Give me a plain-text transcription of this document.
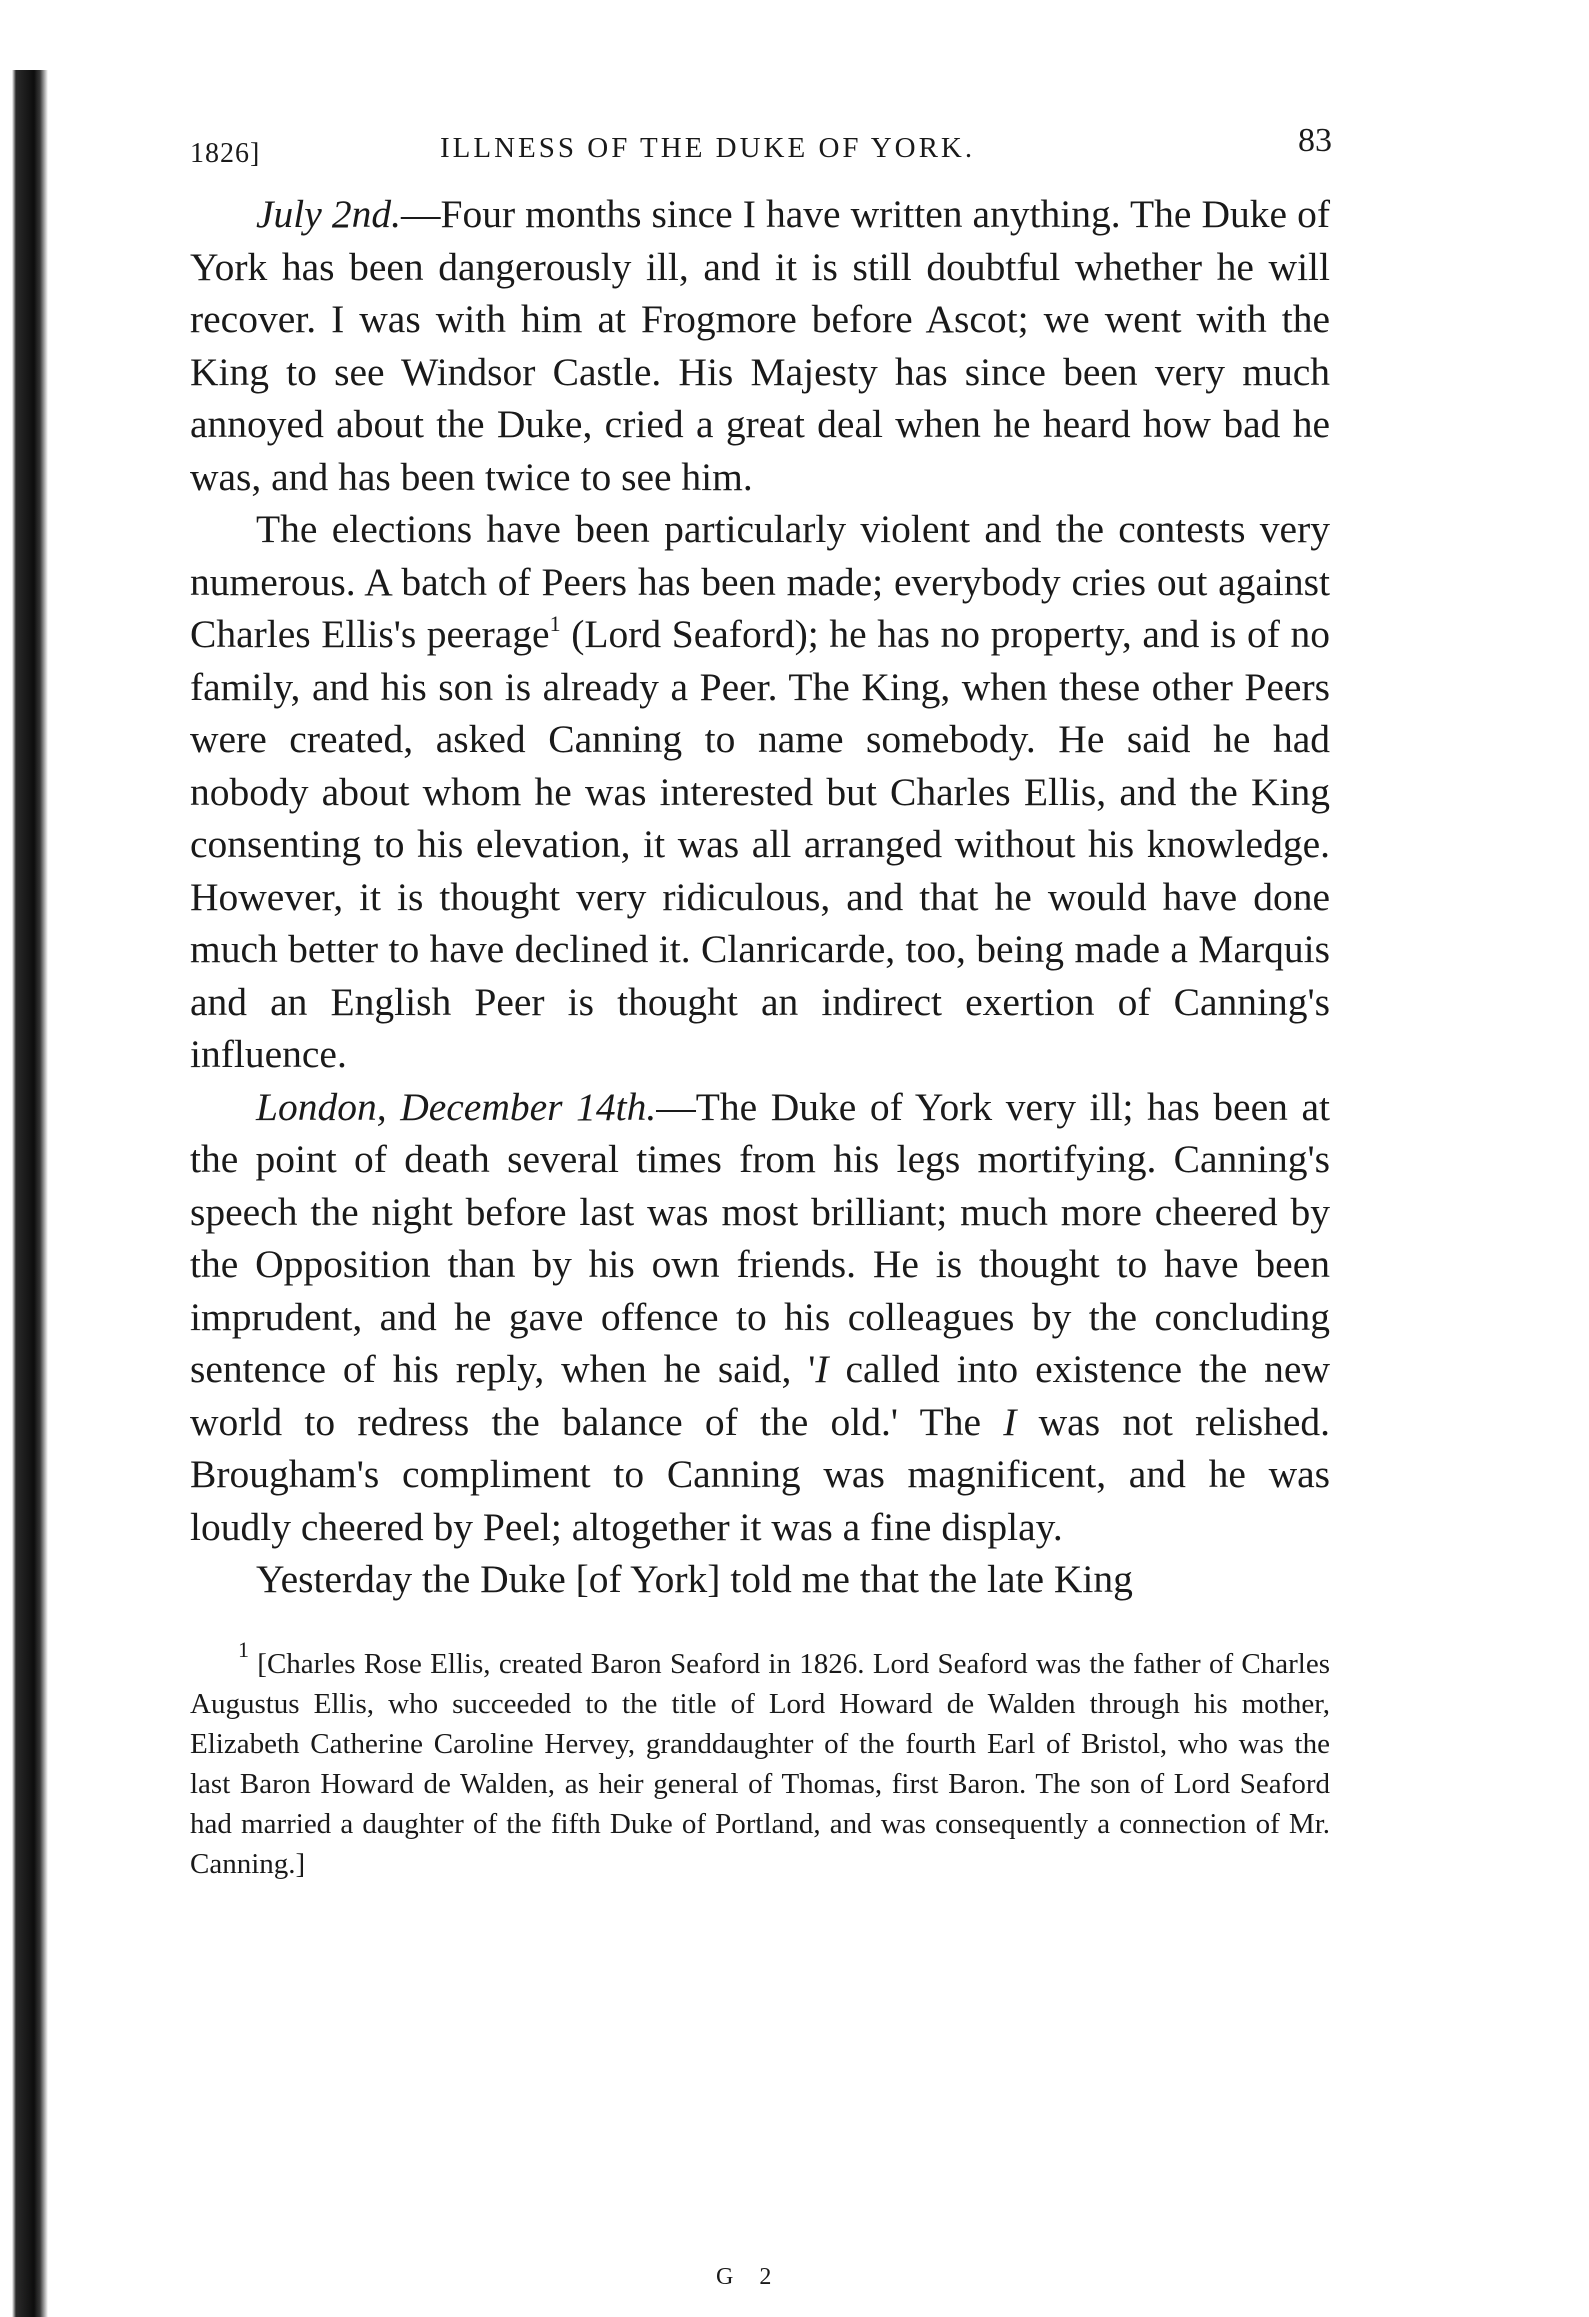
1826]	ILLNESS OF THE DUKE OF YORK.	83

July 2nd.—Four months since I have written anything. The Duke of York has been dangerously ill, and it is still doubtful whether he will recover. I was with him at Frogmore before Ascot; we went with the King to see Windsor Castle. His Majesty has since been very much annoyed about the Duke, cried a great deal when he heard how bad he was, and has been twice to see him.

The elections have been particularly violent and the contests very numerous. A batch of Peers has been made; everybody cries out against Charles Ellis's peerage$^1$ (Lord Seaford); he has no property, and is of no family, and his son is already a Peer. The King, when these other Peers were created, asked Canning to name somebody. He said he had nobody about whom he was interested but Charles Ellis, and the King consenting to his elevation, it was all arranged without his knowledge. However, it is thought very ridiculous, and that he would have done much better to have declined it. Clanricarde, too, being made a Marquis and an English Peer is thought an indirect exertion of Canning's influence.

London, December 14th.—The Duke of York very ill; has been at the point of death several times from his legs mortifying. Canning's speech the night before last was most brilliant; much more cheered by the Opposition than by his own friends. He is thought to have been imprudent, and he gave offence to his colleagues by the concluding sentence of his reply, when he said, 'I called into existence the new world to redress the balance of the old.' The I was not relished. Brougham's compliment to Canning was magnificent, and he was loudly cheered by Peel; altogether it was a fine display.

Yesterday the Duke [of York] told me that the late King

$^1$ [Charles Rose Ellis, created Baron Seaford in 1826. Lord Seaford was the father of Charles Augustus Ellis, who succeeded to the title of Lord Howard de Walden through his mother, Elizabeth Catherine Caroline Hervey, granddaughter of the fourth Earl of Bristol, who was the last Baron Howard de Walden, as heir general of Thomas, first Baron. The son of Lord Seaford had married a daughter of the fifth Duke of Portland, and was consequently a connection of Mr. Canning.]
G 2
